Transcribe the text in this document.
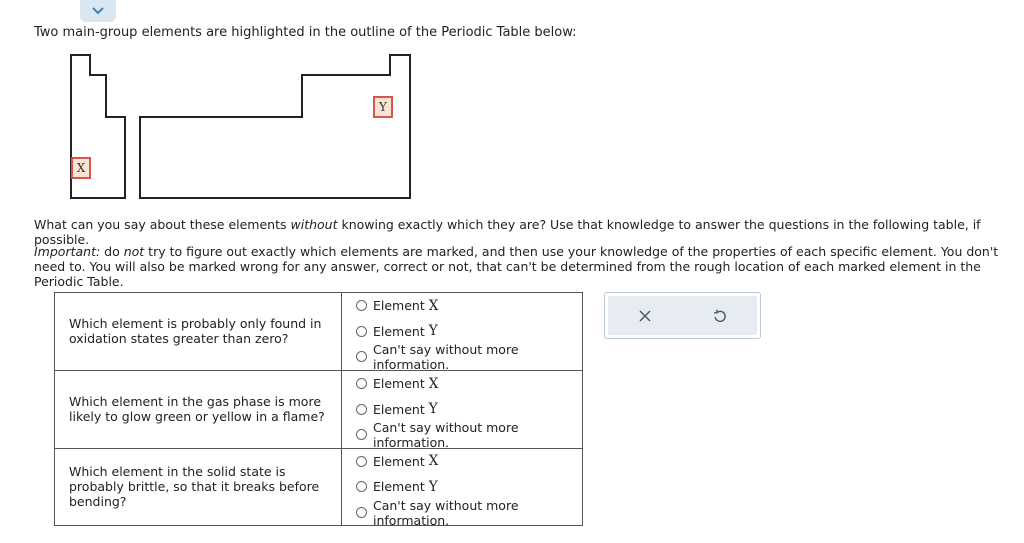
Two main-group elements are highlighted in the outline of the Periodic Table below:
X
Y
What can you say about these elements without knowing exactly which they are? Use that knowledge to answer the questions in the following table, if possible.
Important: do not try to figure out exactly which elements are marked, and then use your knowledge of the properties of each specific element. You don't need to. You will also be marked wrong for any answer, correct or not, that can't be determined from the rough location of each marked element in the Periodic Table.
Which element is probably only found in oxidation states greater than zero?	Element X
Element Y
Can't say without more information.

Which element in the gas phase is more likely to glow green or yellow in a flame?	Element X
Element Y
Can't say without more information.

Which element in the solid state is probably brittle, so that it breaks before bending?	Element X
Element Y
Can't say without more information.
